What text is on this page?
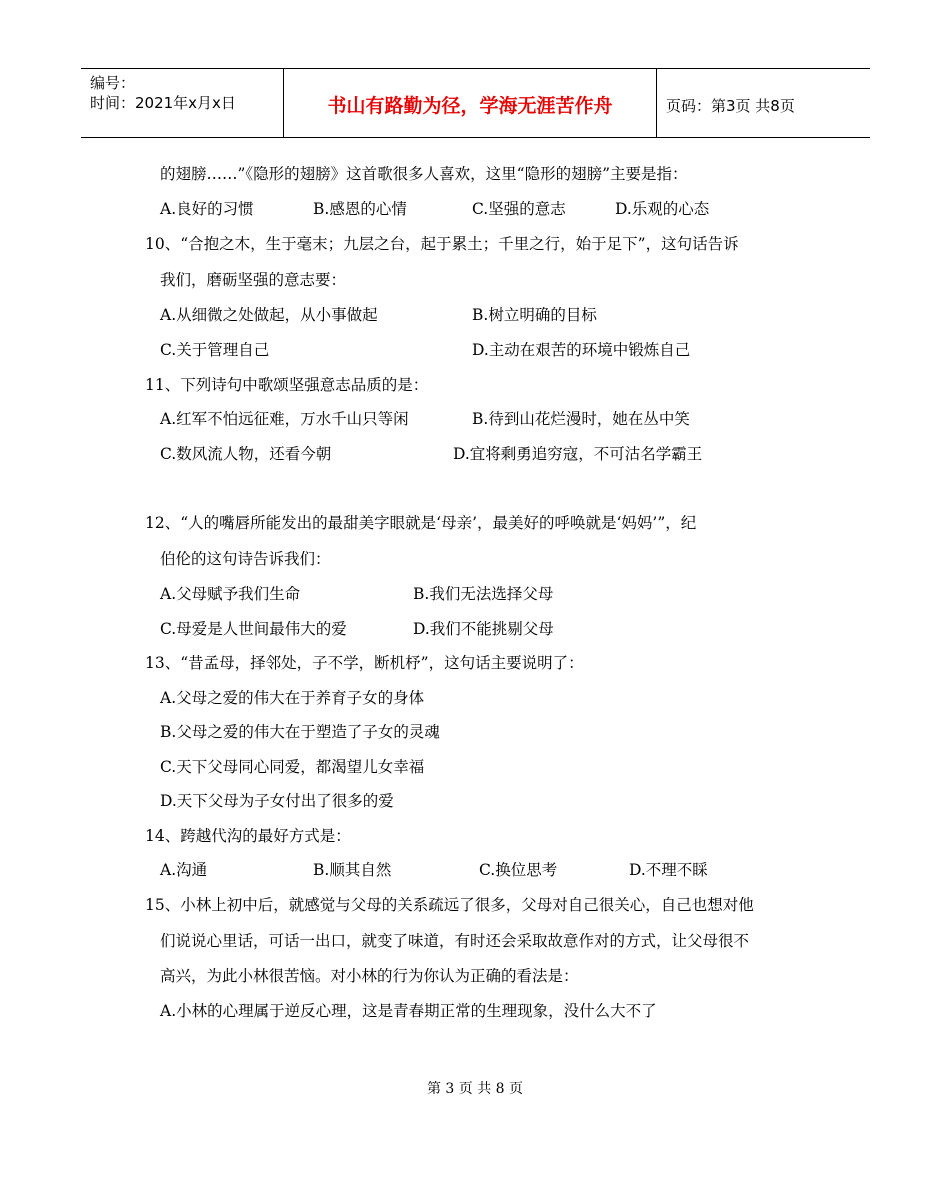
编号：
时间：2021年x月x日	书山有路勤为径，学海无涯苦作舟	页码：第3页 共8页
的翅膀……”《隐形的翅膀》这首歌很多人喜欢，这里“隐形的翅膀”主要是指：
A.良好的习惯	B.感恩的心情	C.坚强的意志	D.乐观的心态
10、“合抱之木，生于毫末；九层之台，起于累土；千里之行，始于足下”，这句话告诉
我们，磨砺坚强的意志要：
A.从细微之处做起，从小事做起	B.树立明确的目标
C.关于管理自己	D.主动在艰苦的环境中锻炼自己
11、下列诗句中歌颂坚强意志品质的是：
A.红军不怕远征难，万水千山只等闲	B.待到山花烂漫时，她在丛中笑
C.数风流人物，还看今朝	D.宜将剩勇追穷寇，不可沽名学霸王
12、“人的嘴唇所能发出的最甜美字眼就是‘母亲’，最美好的呼唤就是‘妈妈’”，纪
伯伦的这句诗告诉我们：
A.父母赋予我们生命	B.我们无法选择父母
C.母爱是人世间最伟大的爱	D.我们不能挑剔父母
13、“昔孟母，择邻处，子不学，断机杼”，这句话主要说明了：
A.父母之爱的伟大在于养育子女的身体
B.父母之爱的伟大在于塑造了子女的灵魂
C.天下父母同心同爱，都渴望儿女幸福
D.天下父母为子女付出了很多的爱
14、跨越代沟的最好方式是：
A.沟通	B.顺其自然	C.换位思考	D.不理不睬
15、小林上初中后，就感觉与父母的关系疏远了很多，父母对自己很关心，自己也想对他
们说说心里话，可话一出口，就变了味道，有时还会采取故意作对的方式，让父母很不
高兴，为此小林很苦恼。对小林的行为你认为正确的看法是：
A.小林的心理属于逆反心理，这是青春期正常的生理现象，没什么大不了
第 3 页 共 8 页
